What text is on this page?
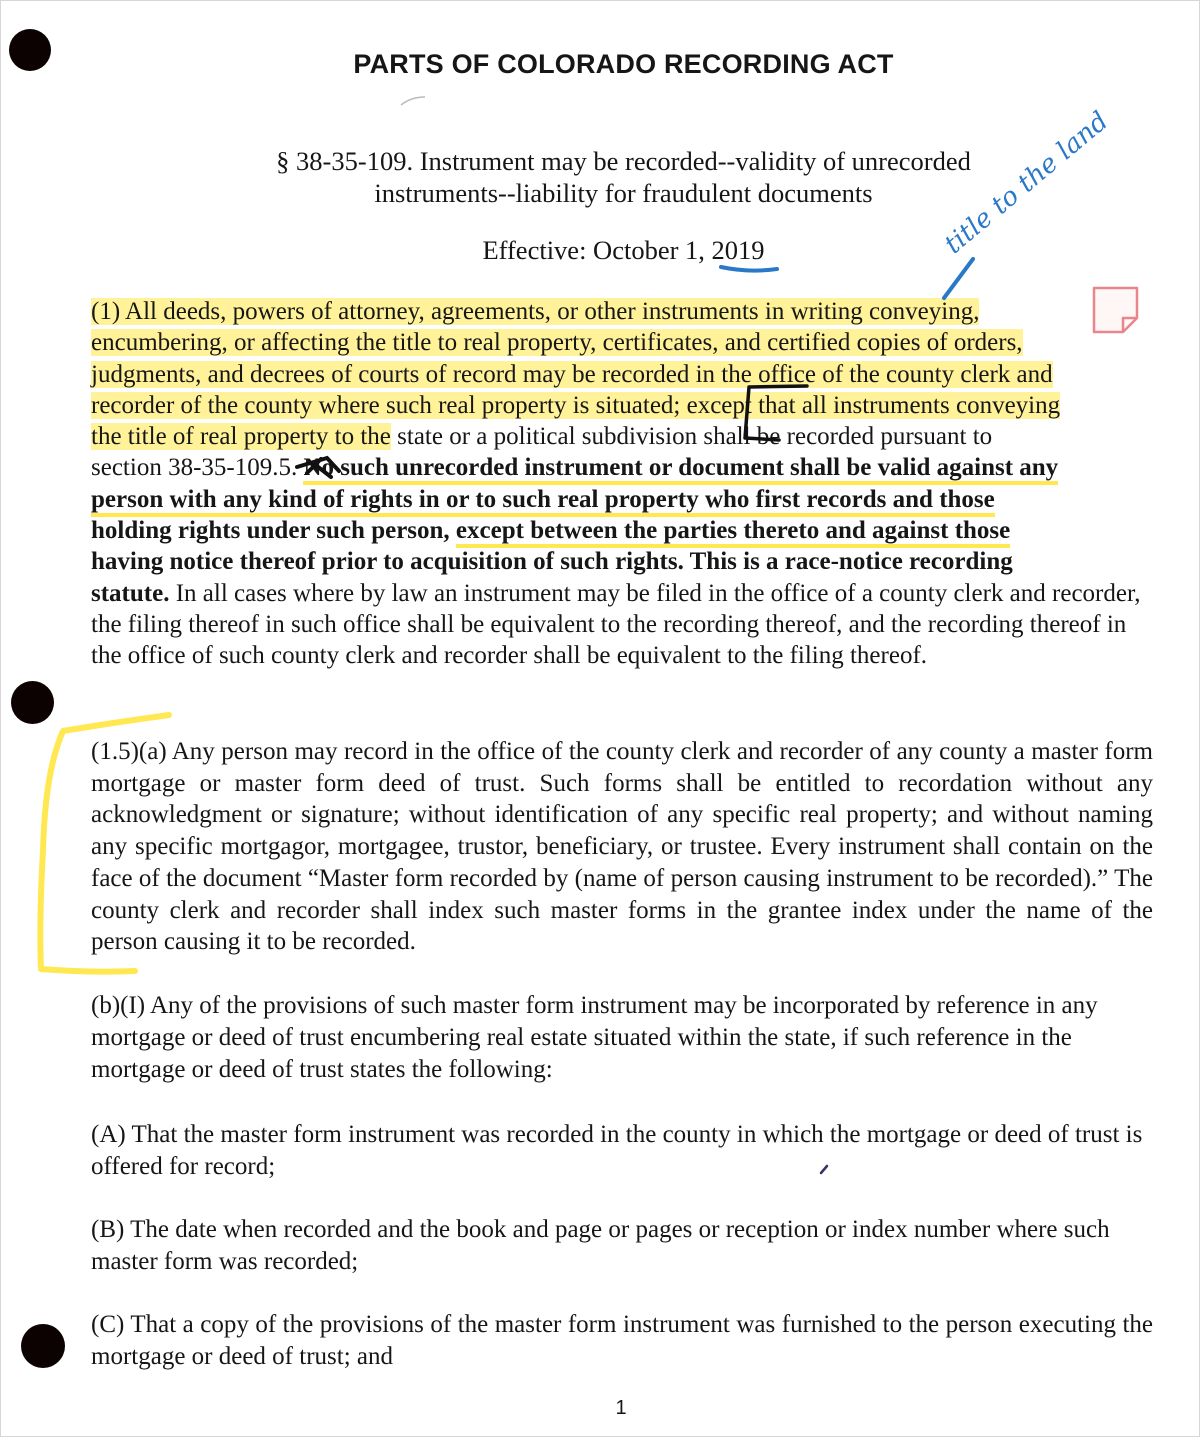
PARTS OF COLORADO RECORDING ACT
§ 38-35-109. Instrument may be recorded--validity of unrecorded
instruments--liability for fraudulent documents
Effective: October 1, 2019

(1) All deeds, powers of attorney, agreements, or other instruments in writing conveying,
encumbering, or affecting the title to real property, certificates, and certified copies of orders,
judgments, and decrees of courts of record may be recorded in the office of the county clerk and
recorder of the county where such real property is situated; except that all instruments conveying
the title of real property to the state or a political subdivision shall be recorded pursuant to
section 38-35-109.5. No such unrecorded instrument or document shall be valid against any
person with any kind of rights in or to such real property who first records and those
holding rights under such person, except between the parties thereto and against those
having notice thereof prior to acquisition of such rights. This is a race-notice recording
statute. In all cases where by law an instrument may be filed in the office of a county clerk and recorder, the filing thereof in such office shall be equivalent to the recording thereof, and the recording thereof in the office of such county clerk and recorder shall be equivalent to the filing thereof.

(1.5)(a) Any person may record in the office of the county clerk and recorder of any county a master form mortgage or master form deed of trust. Such forms shall be entitled to recordation without any acknowledgment or signature; without identification of any specific real property; and without naming any specific mortgagor, mortgagee, trustor, beneficiary, or trustee. Every instrument shall contain on the face of the document “Master form recorded by (name of person causing instrument to be recorded).” The county clerk and recorder shall index such master forms in the grantee index under the name of the person causing it to be recorded.

(b)(I) Any of the provisions of such master form instrument may be incorporated by reference in any mortgage or deed of trust encumbering real estate situated within the state, if such reference in the mortgage or deed of trust states the following:

(A) That the master form instrument was recorded in the county in which the mortgage or deed of trust is offered for record;

(B) The date when recorded and the book and page or pages or reception or index number where such master form was recorded;

(C) That a copy of the provisions of the master form instrument was furnished to the person executing the mortgage or deed of trust; and

1
title to the land
